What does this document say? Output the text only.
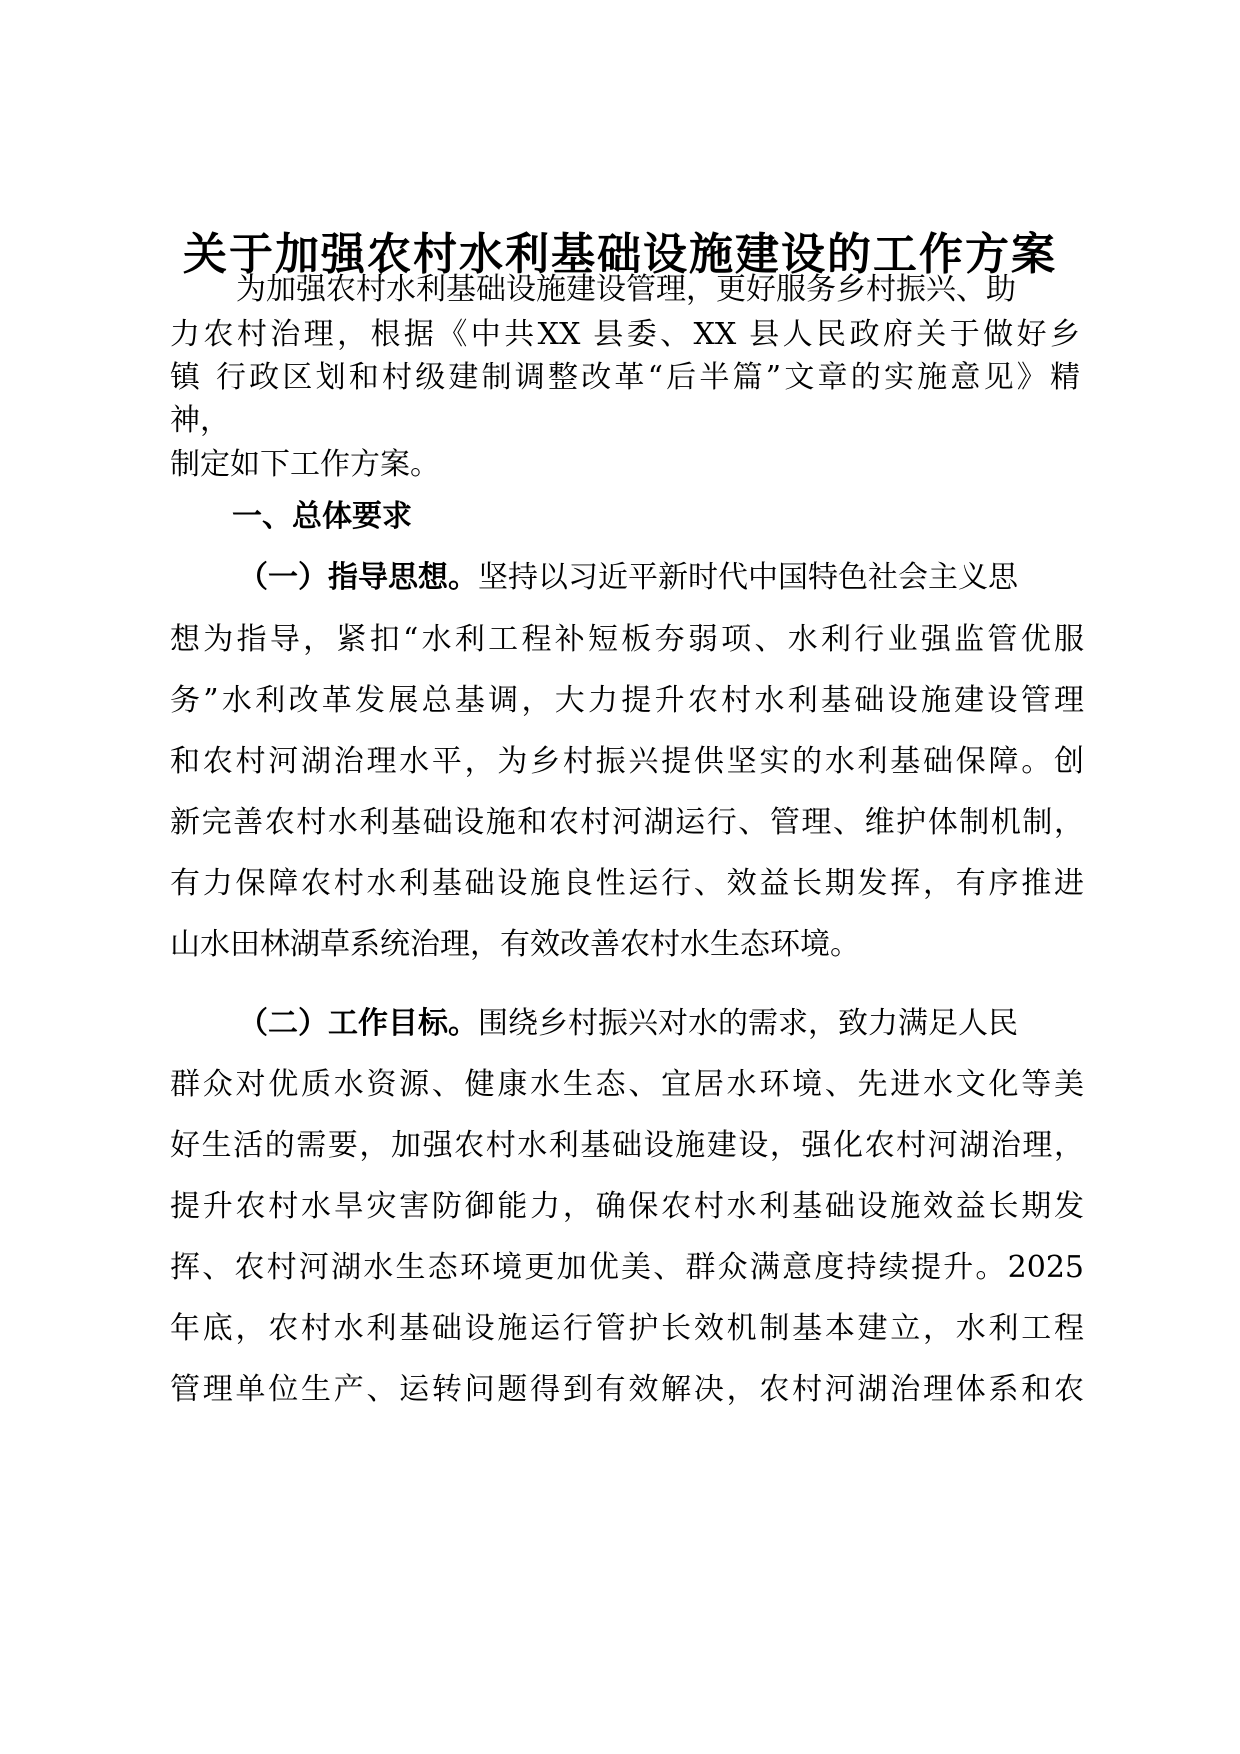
关于加强农村水利基础设施建设的工作方案

为加强农村水利基础设施建设管理，更好服务乡村振兴、助

力农村治理，根据《中共XX 县委、XX 县人民政府关于做好乡

镇 行政区划和村级建制调整改革“后半篇”文章的实施意见》精

神，

制定如下工作方案。

一、总体要求

（一）指导思想。坚持以习近平新时代中国特色社会主义思

想为指导，紧扣“水利工程补短板夯弱项、水利行业强监管优服

务”水利改革发展总基调，大力提升农村水利基础设施建设管理

和农村河湖治理水平，为乡村振兴提供坚实的水利基础保障。创

新完善农村水利基础设施和农村河湖运行、管理、维护体制机制，

有力保障农村水利基础设施良性运行、效益长期发挥，有序推进

山水田林湖草系统治理，有效改善农村水生态环境。

（二）工作目标。围绕乡村振兴对水的需求，致力满足人民

群众对优质水资源、健康水生态、宜居水环境、先进水文化等美

好生活的需要，加强农村水利基础设施建设，强化农村河湖治理，

提升农村水旱灾害防御能力，确保农村水利基础设施效益长期发

挥、农村河湖水生态环境更加优美、群众满意度持续提升。2025

年底，农村水利基础设施运行管护长效机制基本建立，水利工程

管理单位生产、运转问题得到有效解决，农村河湖治理体系和农
